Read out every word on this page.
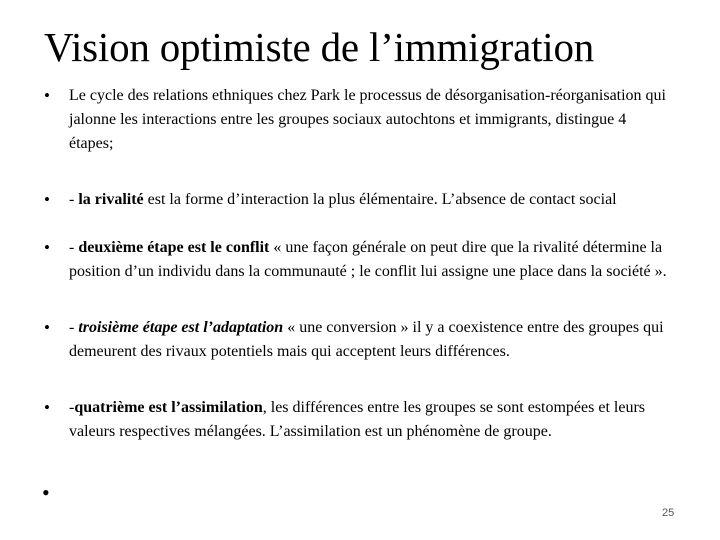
Vision optimiste de l’immigration
• Le cycle des relations ethniques chez Park le processus de désorganisation-réorganisation qui jalonne les interactions entre les groupes sociaux autochtons et immigrants, distingue 4 étapes;
• - la rivalité est la forme d’interaction la plus élémentaire. L’absence de contact social
• - deuxième étape est le conflit « une façon générale on peut dire que la rivalité détermine la position d’un individu dans la communauté ; le conflit lui assigne une place dans la société ».
• - troisième étape est l’adaptation « une conversion » il y a coexistence entre des groupes qui demeurent des rivaux potentiels mais qui acceptent leurs différences.
• -quatrième est l’assimilation, les différences entre les groupes se sont estompées et leurs valeurs respectives mélangées. L’assimilation est un phénomène de groupe.
•
25
